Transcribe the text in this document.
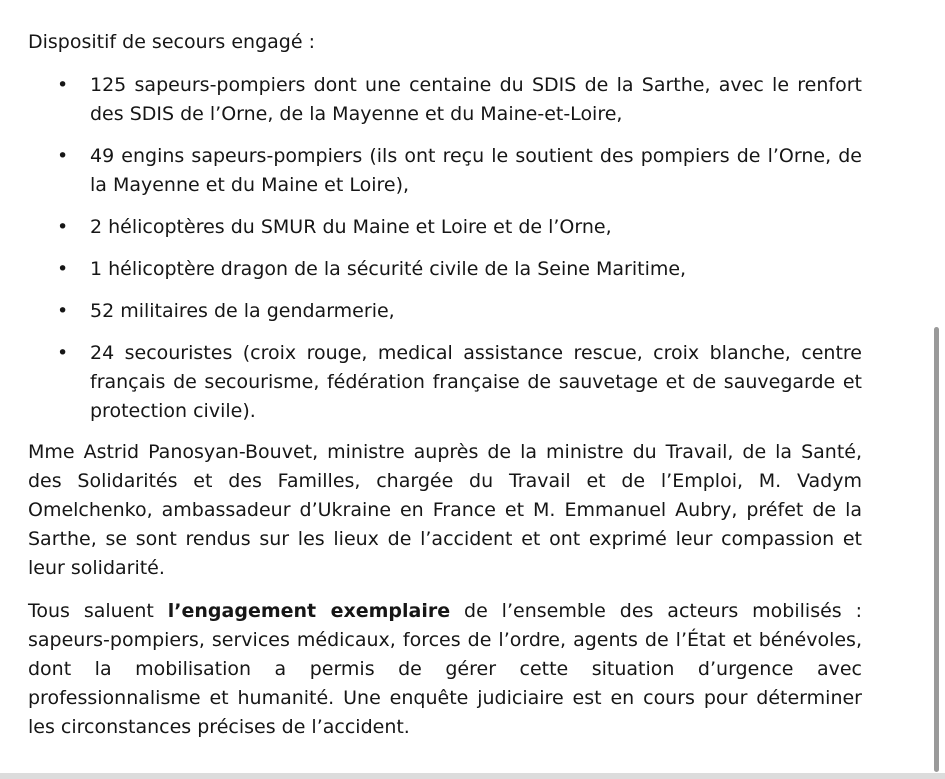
Dispositif de secours engagé :
• 125 sapeurs-pompiers dont une centaine du SDIS de la Sarthe, avec le renfort des SDIS de l’Orne, de la Mayenne et du Maine-et-Loire,
• 49 engins sapeurs-pompiers (ils ont reçu le soutient des pompiers de l’Orne, de la Mayenne et du Maine et Loire),
• 2 hélicoptères du SMUR du Maine et Loire et de l’Orne,
• 1 hélicoptère dragon de la sécurité civile de la Seine Maritime,
• 52 militaires de la gendarmerie,
• 24 secouristes (croix rouge, medical assistance rescue, croix blanche, centre français de secourisme, fédération française de sauvetage et de sauvegarde et protection civile).

Mme Astrid Panosyan-Bouvet, ministre auprès de la ministre du Travail, de la Santé, des Solidarités et des Familles, chargée du Travail et de l’Emploi, M. Vadym Omelchenko, ambassadeur d’Ukraine en France et M. Emmanuel Aubry, préfet de la Sarthe, se sont rendus sur les lieux de l’accident et ont exprimé leur compassion et leur solidarité.

Tous saluent l’engagement exemplaire de l’ensemble des acteurs mobilisés : sapeurs-pompiers, services médicaux, forces de l’ordre, agents de l’État et bénévoles, dont la mobilisation a permis de gérer cette situation d’urgence avec professionnalisme et humanité. Une enquête judiciaire est en cours pour déterminer les circonstances précises de l’accident.
